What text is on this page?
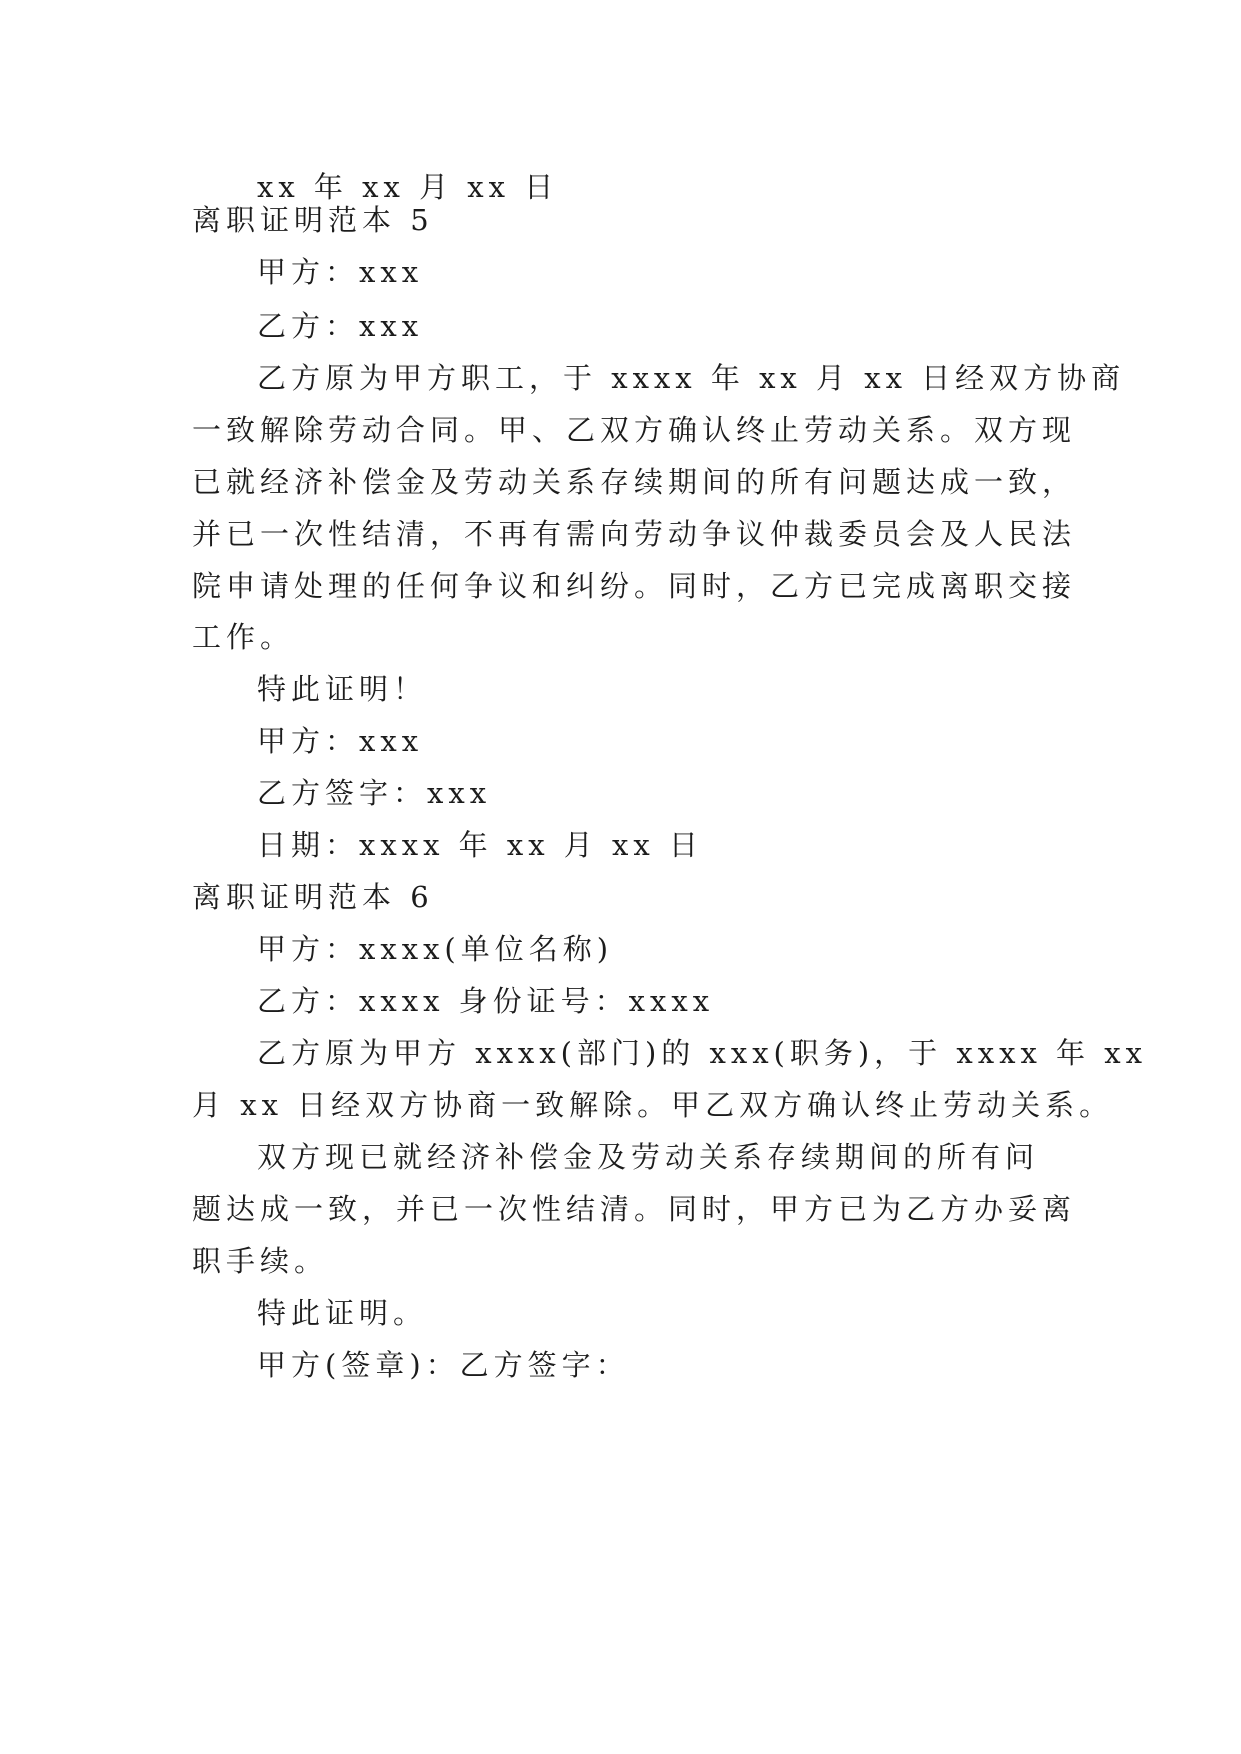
xx 年 xx 月 xx 日
离职证明范本 5
甲方：xxx
乙方：xxx
乙方原为甲方职工，于 xxxx 年 xx 月 xx 日经双方协商
一致解除劳动合同。甲、乙双方确认终止劳动关系。双方现
已就经济补偿金及劳动关系存续期间的所有问题达成一致，
并已一次性结清，不再有需向劳动争议仲裁委员会及人民法
院申请处理的任何争议和纠纷。同时，乙方已完成离职交接
工作。
特此证明！
甲方：xxx
乙方签字：xxx
日期：xxxx 年 xx 月 xx 日
离职证明范本 6
甲方：xxxx(单位名称)
乙方：xxxx 身份证号：xxxx
乙方原为甲方 xxxx(部门)的 xxx(职务)，于 xxxx 年 xx
月 xx 日经双方协商一致解除。甲乙双方确认终止劳动关系。
双方现已就经济补偿金及劳动关系存续期间的所有问
题达成一致，并已一次性结清。同时，甲方已为乙方办妥离
职手续。
特此证明。
甲方(签章)：乙方签字：
